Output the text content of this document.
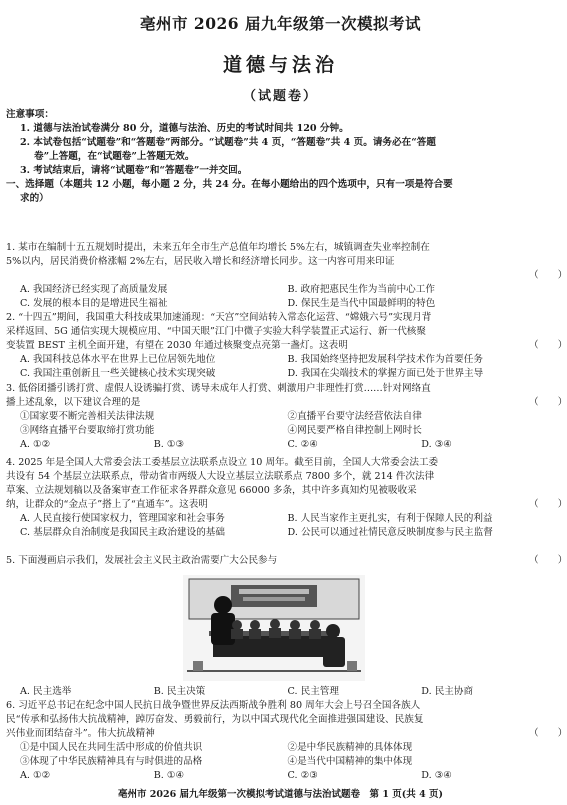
亳州市 2026 届九年级第一次模拟考试
道德与法治
（试题卷）
注意事项：
1. 道德与法治试卷满分 80 分，道德与法治、历史的考试时间共 120 分钟。
2. 本试卷包括“试题卷”和“答题卷”两部分。“试题卷”共 4 页，“答题卷”共 4 页。请务必在“答题
卷”上答题，在“试题卷”上答题无效。
3. 考试结束后，请将“试题卷”和“答题卷”一并交回。
一、选择题（本题共 12 小题，每小题 2 分，共 24 分。在每小题给出的四个选项中，只有一项是符合要
求的）
1. 某市在编制十五五规划时提出，未来五年全市生产总值年均增长 5%左右，城镇调查失业率控制在
5%以内，居民消费价格涨幅 2%左右，居民收入增长和经济增长同步。这一内容可用来印证
（　　）

A. 我国经济已经实现了高质量发展	B. 政府把惠民生作为当前中心工作
C. 发展的根本目的是增进民生福祉	D. 保民生是当代中国最鲜明的特色
2. “十四五”期间，我国重大科技成果加速涌现：“天宫”空间站转入常态化运营、“嫦娥六号”实现月背
采样返回、5G 通信实现大规模应用、“中国天眼”江门中微子实验大科学装置正式运行、新一代核聚
（　　）
变装置 BEST 主机全面开建，有望在 2030 年通过核聚变点亮第一盏灯。这表明
A. 我国科技总体水平在世界上已位居领先地位	B. 我国始终坚持把发展科学技术作为首要任务
C. 我国注重创新且一些关键核心技术实现突破	D. 我国在尖端技术的掌握方面已处于世界主导
3. 低俗团播引诱打赏、虚假人设诱骗打赏、诱导未成年人打赏、刺激用户非理性打赏……针对网络直
（　　）
播上述乱象，以下建议合理的是
①国家要不断完善相关法律法规	②直播平台要守法经营依法自律
③网络直播平台要取缔打赏功能	④网民要严格自律控制上网时长
A. ①②	B. ①③	C. ②④	D. ③④
4. 2025 年是全国人大常委会法工委基层立法联系点设立 10 周年。截至目前，全国人大常委会法工委
共设有 54 个基层立法联系点，带动省市两级人大设立基层立法联系点 7800 多个，就 214 件次法律
草案、立法规划稿以及备案审查工作征求各界群众意见 66000 多条，其中许多真知灼见被吸收采
（　　）
纳，让群众的“金点子”搭上了“直通车”。这表明
A. 人民直接行使国家权力，管理国家和社会事务	B. 人民当家作主更扎实，有利于保障人民的利益
C. 基层群众自治制度是我国民主政治建设的基础	D. 公民可以通过社情民意反映制度参与民主监督
（　　）
5. 下面漫画启示我们，发展社会主义民主政治需要广大公民参与
A. 民主选举	B. 民主决策	C. 民主管理	D. 民主协商
6. 习近平总书记在纪念中国人民抗日战争暨世界反法西斯战争胜利 80 周年大会上号召全国各族人
民“传承和弘扬伟大抗战精神，踔厉奋发、勇毅前行，为以中国式现代化全面推进强国建设、民族复
（　　）
兴伟业而团结奋斗”。伟大抗战精神
①是中国人民在共同生活中形成的价值共识	②是中华民族精神的具体体现
③体现了中华民族精神具有与时俱进的品格	④是当代中国精神的集中体现
A. ①②	B. ①④	C. ②③	D. ③④
亳州市 2026 届九年级第一次模拟考试道德与法治试题卷　第 1 页(共 4 页)
